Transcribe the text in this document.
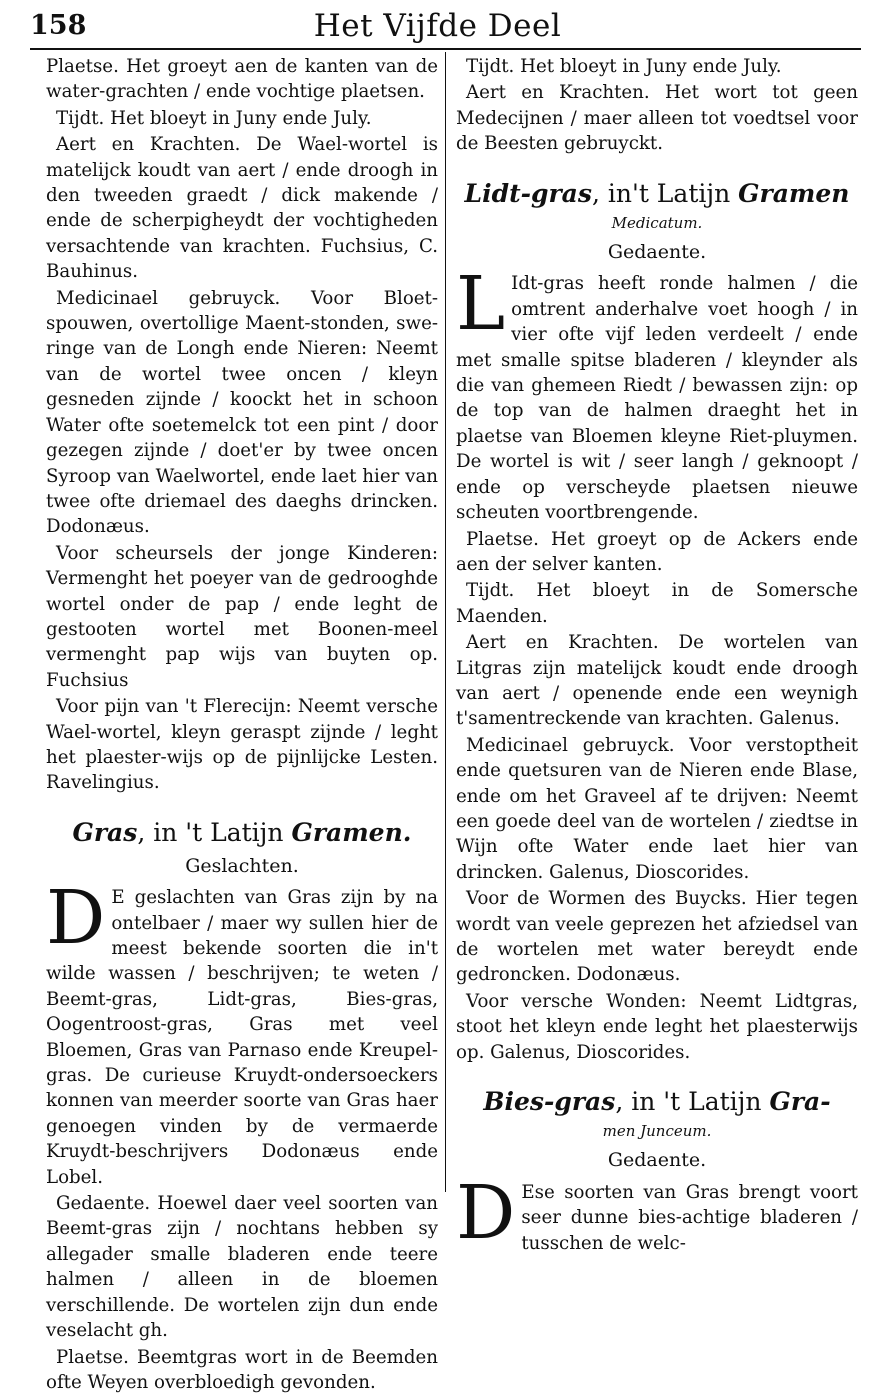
158	Het Vijfde Deel

Plaetse. Het groeyt aen de kanten van de water-grachten / ende vochtige plaetsen.

Tijdt. Het bloeyt in Juny ende July.

Aert en Krachten. De Wael-wortel is matelijck koudt van aert / ende droogh in den tweeden graedt / dick makende / ende de scherpigheydt der vochtigheden versachtende van krachten. Fuchsius, C. Bauhinus.

Medicinael gebruyck. Voor Bloet-spouwen, overtollige Maent-stonden, sweringe van de Longh ende Nieren: Neemt van de wortel twee oncen / kleyn gesneden zijnde / koockt het in schoon Water ofte soetemelck tot een pint / door gezegen zijnde / doet'er by twee oncen Syroop van Waelwortel, ende laet hier van twee ofte driemael des daeghs drincken. Dodonæus.

Voor scheursels der jonge Kinderen: Vermenght het poeyer van de gedrooghde wortel onder de pap / ende leght de gestooten wortel met Boonen-meel vermenght pap wijs van buyten op. Fuchsius

Voor pijn van 't Flerecijn: Neemt versche Wael-wortel, kleyn geraspt zijnde / leght het plaester-wijs op de pijnlijcke Lesten. Ravelingius.

Gras, in 't Latijn Gramen.
Geslachten.
D E geslachten van Gras zijn by na ontelbaer / maer wy sullen hier de meest bekende soorten die in't wilde wassen / beschrijven; te weten / Beemt-gras, Lidt-gras, Bies-gras, Oogentroost-gras, Gras met veel Bloemen, Gras van Parnaso ende Kreupel-gras. De curieuse Kruydt-ondersoeckers konnen van meerder soorte van Gras haer genoegen vinden by de vermaerde Kruydt-beschrijvers Dodonæus ende Lobel.

Gedaente. Hoewel daer veel soorten van Beemt-gras zijn / nochtans hebben sy allegader smalle bladeren ende teere halmen / alleen in de bloemen verschillende. De wortelen zijn dun ende veselacht gh.

Plaetse. Beemtgras wort in de Beemden ofte Weyen overbloedigh gevonden.

Tijdt. Het bloeyt in Juny ende July.

Aert en Krachten. Het wort tot geen Medecijnen / maer alleen tot voedtsel voor de Beesten gebruyckt.

Lidt-gras, in't Latijn Gramen
Medicatum.
Gedaente.
L Idt-gras heeft ronde halmen / die omtrent anderhalve voet hoogh / in vier ofte vijf leden verdeelt / ende met smalle spitse bladeren / kleynder als die van ghemeen Riedt / bewassen zijn: op de top van de halmen draeght het in plaetse van Bloemen kleyne Riet-pluymen. De wortel is wit / seer langh / geknoopt / ende op verscheyde plaetsen nieuwe scheuten voortbrengende.

Plaetse. Het groeyt op de Ackers ende aen der selver kanten.

Tijdt. Het bloeyt in de Somersche Maenden.

Aert en Krachten. De wortelen van Litgras zijn matelijck koudt ende droogh van aert / openende ende een weynigh t'samentreckende van krachten. Galenus.

Medicinael gebruyck. Voor verstoptheit ende quetsuren van de Nieren ende Blase, ende om het Graveel af te drijven: Neemt een goede deel van de wortelen / ziedtse in Wijn ofte Water ende laet hier van drincken. Galenus, Dioscorides.

Voor de Wormen des Buycks. Hier tegen wordt van veele geprezen het afziedsel van de wortelen met water bereydt ende gedroncken. Dodonæus.

Voor versche Wonden: Neemt Lidtgras, stoot het kleyn ende leght het plaesterwijs op. Galenus, Dioscorides.

Bies-gras, in 't Latijn Gra-
men Junceum.
Gedaente.
D Ese soorten van Gras brengt voort seer dunne bies-achtige bladeren / tusschen de welc-
